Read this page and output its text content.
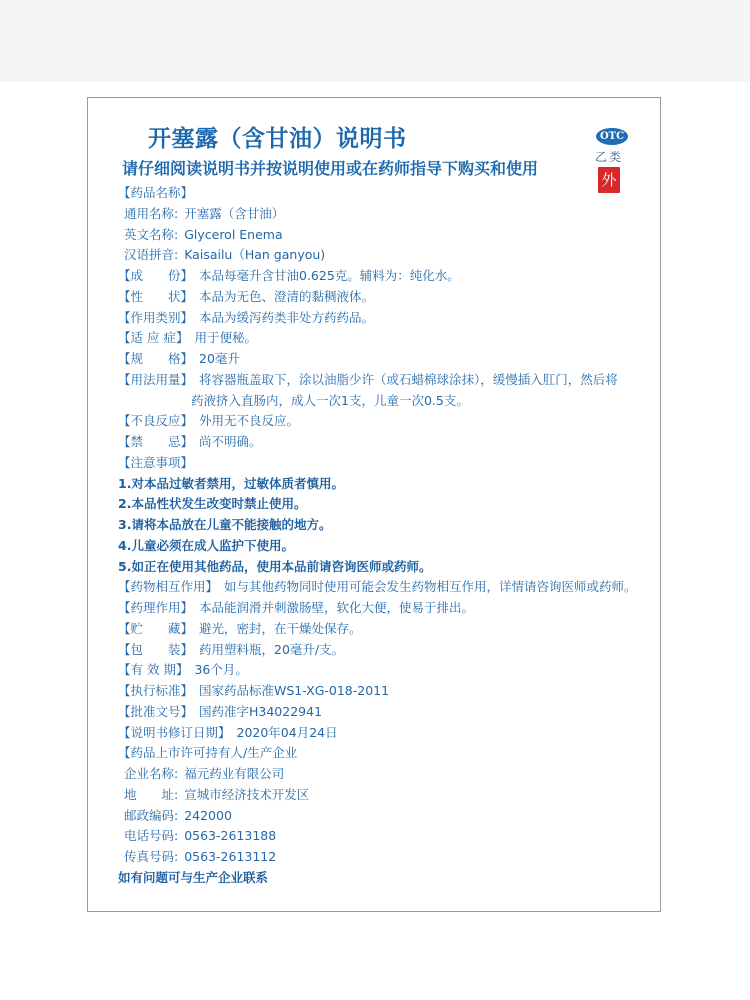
开塞露（含甘油）说明书
请仔细阅读说明书并按说明使用或在药师指导下购买和使用
OTC
乙类
外
【药品名称】
通用名称: 开塞露（含甘油）
英文名称: Glycerol Enema
汉语拼音: Kaisailu（Han ganyou)
【成　　份】 本品每毫升含甘油0.625克。辅料为：纯化水。
【性　　状】 本品为无色、澄清的黏稠液体。
【作用类别】 本品为缓泻药类非处方药药品。
【适 应 症】 用于便秘。
【规　　格】 20毫升
【用法用量】 将容器瓶盖取下，涂以油脂少许（或石蜡棉球涂抹），缓慢插入肛门，然后将
药液挤入直肠内，成人一次1支，儿童一次0.5支。
【不良反应】 外用无不良反应。
【禁　　忌】 尚不明确。
【注意事项】
1.对本品过敏者禁用，过敏体质者慎用。
2.本品性状发生改变时禁止使用。
3.请将本品放在儿童不能接触的地方。
4.儿童必须在成人监护下使用。
5.如正在使用其他药品，使用本品前请咨询医师或药师。
【药物相互作用】 如与其他药物同时使用可能会发生药物相互作用，详情请咨询医师或药师。
【药理作用】 本品能润滑并刺激肠壁，软化大便，使易于排出。
【贮　　藏】 避光，密封，在干燥处保存。
【包　　装】 药用塑料瓶，20毫升/支。
【有 效 期】 36个月。
【执行标准】 国家药品标准WS1-XG-018-2011
【批准文号】 国药准字H34022941
【说明书修订日期】 2020年04月24日
【药品上市许可持有人/生产企业
企业名称: 福元药业有限公司
地　　址: 宣城市经济技术开发区
邮政编码: 242000
电话号码: 0563-2613188
传真号码: 0563-2613112
如有问题可与生产企业联系
